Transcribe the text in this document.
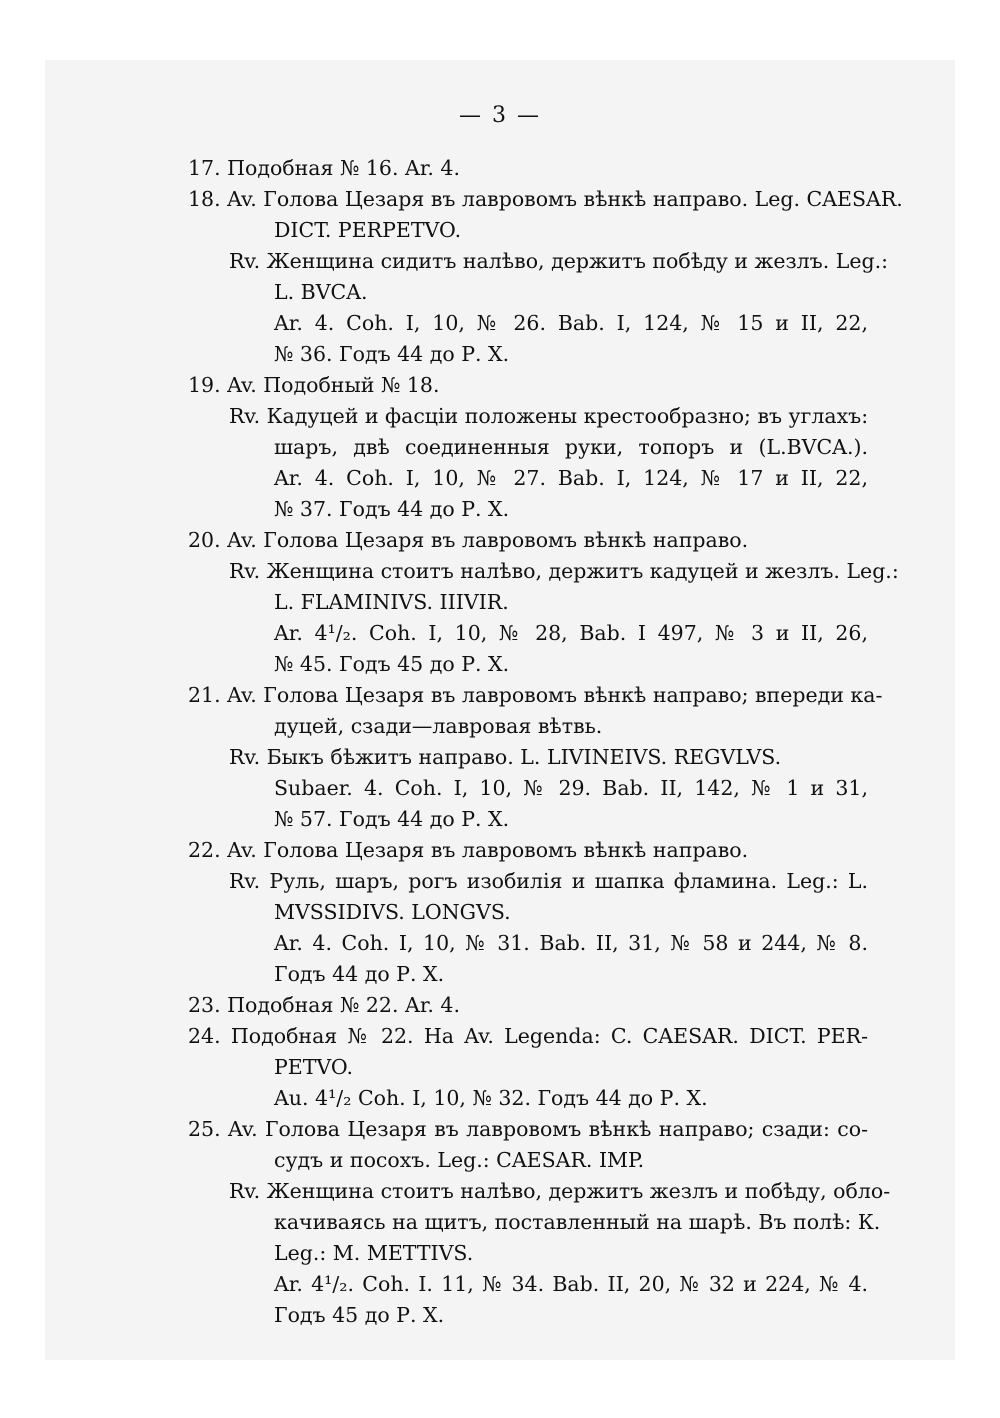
— 3 —
17. Подобная № 16. Ar. 4.
18. Av. Голова Цезаря въ лавровомъ вѣнкѣ направо. Leg. CAESAR.
DICT. PERPETVO.
Rv. Женщина сидитъ налѣво, держитъ побѣду и жезлъ. Leg.:
L. BVCA.
Ar. 4. Coh. I, 10, № 26. Bab. I, 124, № 15 и II, 22,
№ 36. Годъ 44 до Р. Х.
19. Av. Подобный № 18.
Rv. Кадуцей и фасціи положены крестообразно; въ углахъ:
шаръ, двѣ соединенныя руки, топоръ и (L.BVCA.).
Ar. 4. Coh. I, 10, № 27. Bab. I, 124, № 17 и II, 22,
№ 37. Годъ 44 до Р. Х.
20. Av. Голова Цезаря въ лавровомъ вѣнкѣ направо.
Rv. Женщина стоитъ налѣво, держитъ кадуцей и жезлъ. Leg.:
L. FLAMINIVS. IIIVIR.
Ar. 4¹/₂. Coh. I, 10, № 28, Bab. I 497, № 3 и II, 26,
№ 45. Годъ 45 до Р. Х.
21. Av. Голова Цезаря въ лавровомъ вѣнкѣ направо; впереди ка-
дуцей, сзади—лавровая вѣтвь.
Rv. Быкъ бѣжитъ направо. L. LIVINEIVS. REGVLVS.
Subaer. 4. Coh. I, 10, № 29. Bab. II, 142, № 1 и 31,
№ 57. Годъ 44 до Р. Х.
22. Av. Голова Цезаря въ лавровомъ вѣнкѣ направо.
Rv. Руль, шаръ, рогъ изобилія и шапка фламина. Leg.: L.
MVSSIDIVS. LONGVS.
Ar. 4. Coh. I, 10, № 31. Bab. II, 31, № 58 и 244, № 8.
Годъ 44 до Р. Х.
23. Подобная № 22. Ar. 4.
24. Подобная № 22. На Av. Legenda: C. CAESAR. DICT. PER-
PETVO.
Au. 4¹/₂ Coh. I, 10, № 32. Годъ 44 до Р. Х.
25. Av. Голова Цезаря въ лавровомъ вѣнкѣ направо; сзади: со-
судъ и посохъ. Leg.: CAESAR. IMP.
Rv. Женщина стоитъ налѣво, держитъ жезлъ и побѣду, обло-
качиваясь на щитъ, поставленный на шарѣ. Въ полѣ: К.
Leg.: M. METTIVS.
Ar. 4¹/₂. Coh. I. 11, № 34. Bab. II, 20, № 32 и 224, № 4.
Годъ 45 до Р. Х.
